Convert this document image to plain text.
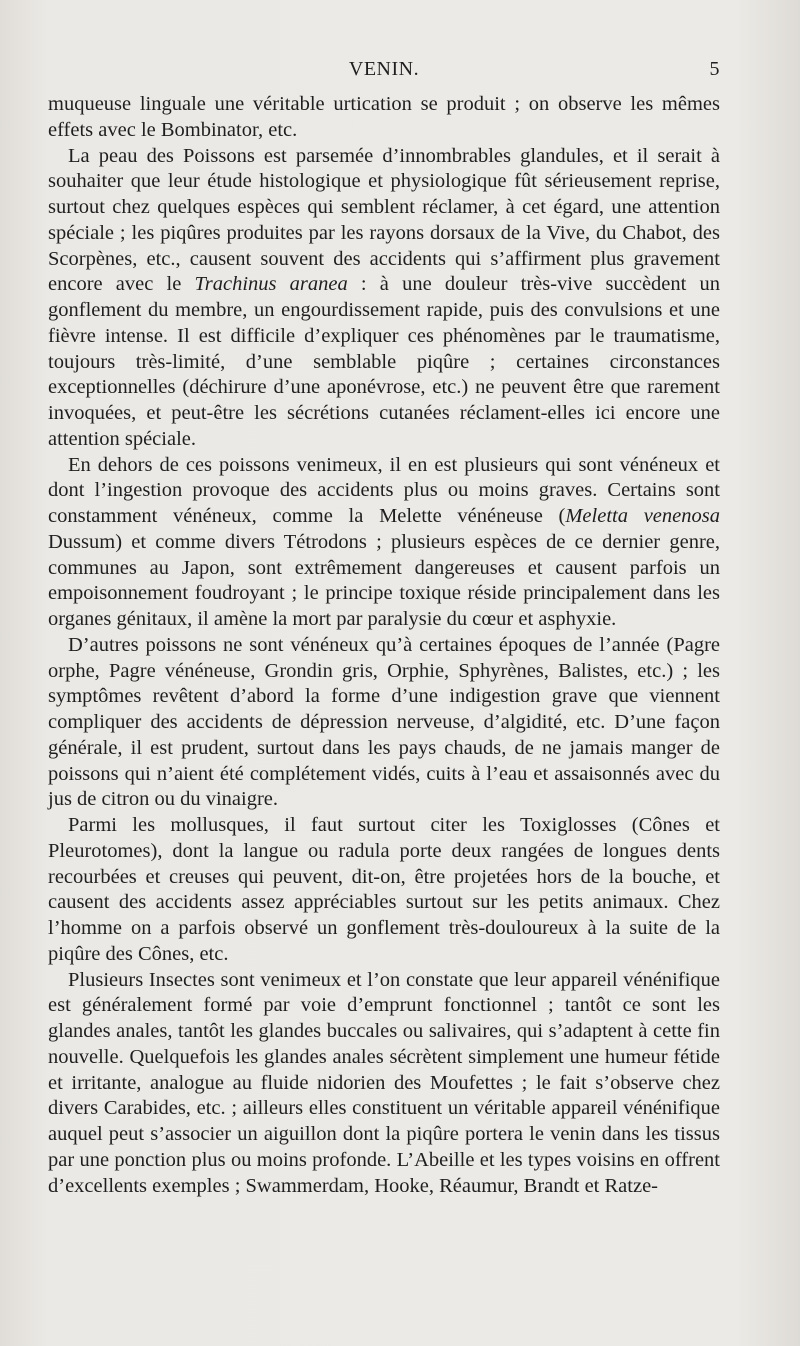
VENIN.	5

muqueuse linguale une véritable urtication se produit ; on observe les mêmes effets avec le Bombinator, etc.

La peau des Poissons est parsemée d’innombrables glandules, et il serait à souhaiter que leur étude histologique et physiologique fût sérieusement reprise, surtout chez quelques espèces qui semblent réclamer, à cet égard, une attention spéciale ; les piqûres produites par les rayons dorsaux de la Vive, du Chabot, des Scorpènes, etc., causent souvent des accidents qui s’affirment plus gravement encore avec le Trachinus aranea : à une douleur très-vive succèdent un gonflement du membre, un engourdissement rapide, puis des convulsions et une fièvre intense. Il est difficile d’expliquer ces phénomènes par le traumatisme, toujours très-limité, d’une semblable piqûre ; certaines circonstances exceptionnelles (déchirure d’une aponévrose, etc.) ne peuvent être que rarement invoquées, et peut-être les sécrétions cutanées réclament-elles ici encore une attention spéciale.

En dehors de ces poissons venimeux, il en est plusieurs qui sont vénéneux et dont l’ingestion provoque des accidents plus ou moins graves. Certains sont constamment vénéneux, comme la Melette vénéneuse (Meletta venenosa Dussum) et comme divers Tétrodons ; plusieurs espèces de ce dernier genre, communes au Japon, sont extrêmement dangereuses et causent parfois un empoisonnement foudroyant ; le principe toxique réside principalement dans les organes génitaux, il amène la mort par paralysie du cœur et asphyxie.

D’autres poissons ne sont vénéneux qu’à certaines époques de l’année (Pagre orphe, Pagre vénéneuse, Grondin gris, Orphie, Sphyrènes, Balistes, etc.) ; les symptômes revêtent d’abord la forme d’une indigestion grave que viennent compliquer des accidents de dépression nerveuse, d’algidité, etc. D’une façon générale, il est prudent, surtout dans les pays chauds, de ne jamais manger de poissons qui n’aient été complétement vidés, cuits à l’eau et assaisonnés avec du jus de citron ou du vinaigre.

Parmi les mollusques, il faut surtout citer les Toxiglosses (Cônes et Pleurotomes), dont la langue ou radula porte deux rangées de longues dents recourbées et creuses qui peuvent, dit-on, être projetées hors de la bouche, et causent des accidents assez appréciables surtout sur les petits animaux. Chez l’homme on a parfois observé un gonflement très-douloureux à la suite de la piqûre des Cônes, etc.

Plusieurs Insectes sont venimeux et l’on constate que leur appareil vénénifique est généralement formé par voie d’emprunt fonctionnel ; tantôt ce sont les glandes anales, tantôt les glandes buccales ou salivaires, qui s’adaptent à cette fin nouvelle. Quelquefois les glandes anales sécrètent simplement une humeur fétide et irritante, analogue au fluide nidorien des Moufettes ; le fait s’observe chez divers Carabides, etc. ; ailleurs elles constituent un véritable appareil vénénifique auquel peut s’associer un aiguillon dont la piqûre portera le venin dans les tissus par une ponction plus ou moins profonde. L’Abeille et les types voisins en offrent d’excellents exemples ; Swammerdam, Hooke, Réaumur, Brandt et Ratze-
